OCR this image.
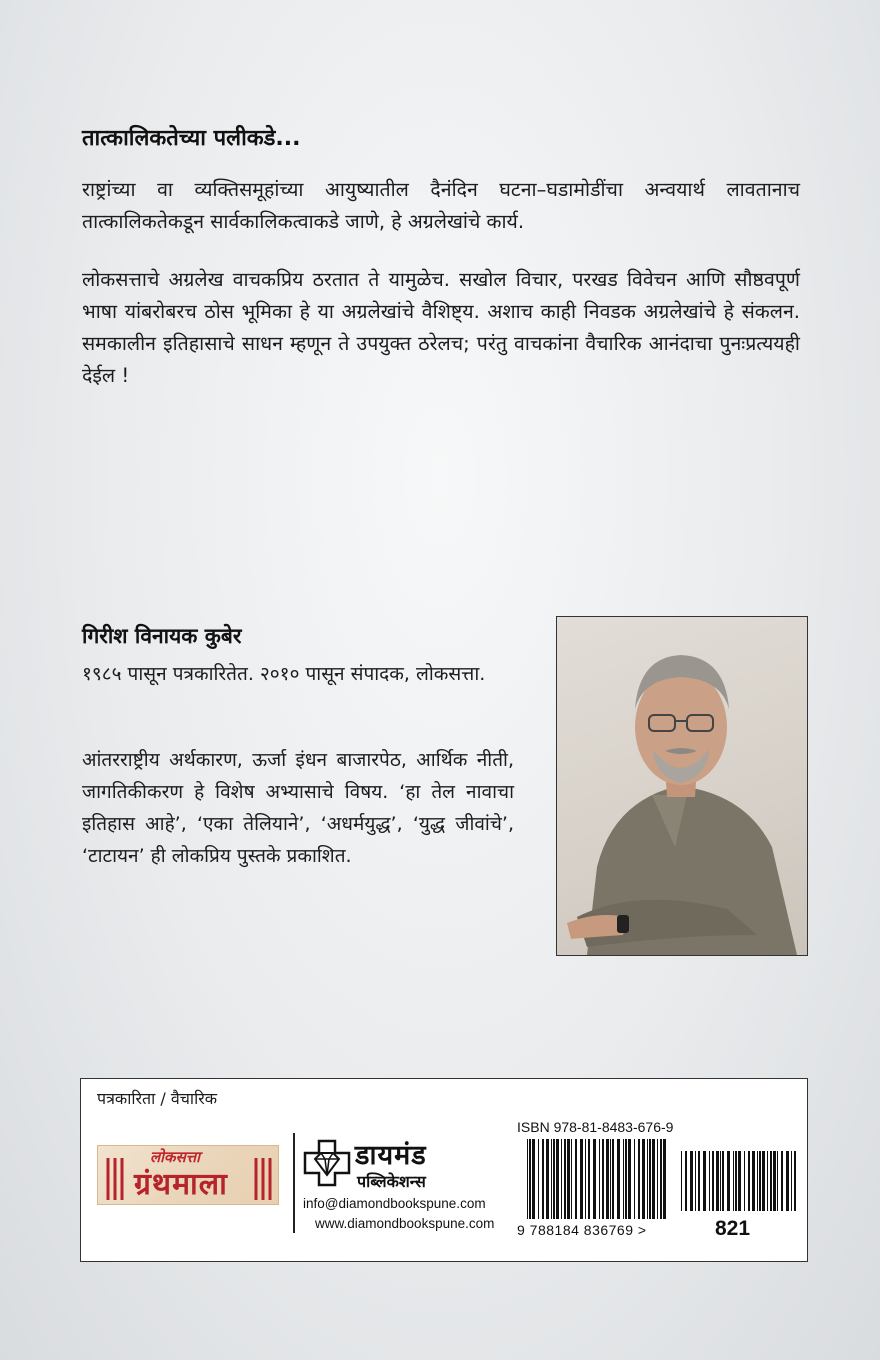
तात्कालिकतेच्या पलीकडे...

राष्ट्रांच्या वा व्यक्तिसमूहांच्या आयुष्यातील दैनंदिन घटना–घडामोडींचा अन्वयार्थ लावतानाच तात्कालिकतेकडून सार्वकालिकत्वाकडे जाणे, हे अग्रलेखांचे कार्य.

लोकसत्ताचे अग्रलेख वाचकप्रिय ठरतात ते यामुळेच. सखोल विचार, परखड विवेचन आणि सौष्ठवपूर्ण भाषा यांबरोबरच ठोस भूमिका हे या अग्रलेखांचे वैशिष्ट्य. अशाच काही निवडक अग्रलेखांचे हे संकलन. समकालीन इतिहासाचे साधन म्हणून ते उपयुक्त ठरेलच; परंतु वाचकांना वैचारिक आनंदाचा पुनःप्रत्ययही देईल !

गिरीश विनायक कुबेर

१९८५ पासून पत्रकारितेत. २०१० पासून संपादक, लोकसत्ता.

आंतरराष्ट्रीय अर्थकारण, ऊर्जा इंधन बाजारपेठ, आर्थिक नीती, जागतिकीकरण हे विशेष अभ्यासाचे विषय. ‘हा तेल नावाचा इतिहास आहे’, ‘एका तेलियाने’, ‘अधर्मयुद्ध’, ‘युद्ध जीवांचे’, ‘टाटायन’ ही लोकप्रिय पुस्तके प्रकाशित.

पत्रकारिता / वैचारिक
लोकसत्ता
ग्रंथमाला
डायमंड
पब्लिकेशन्स
info@diamondbookspune.com
www.diamondbookspune.com
ISBN 978-81-8483-676-9
9 788184 836769 >	821
